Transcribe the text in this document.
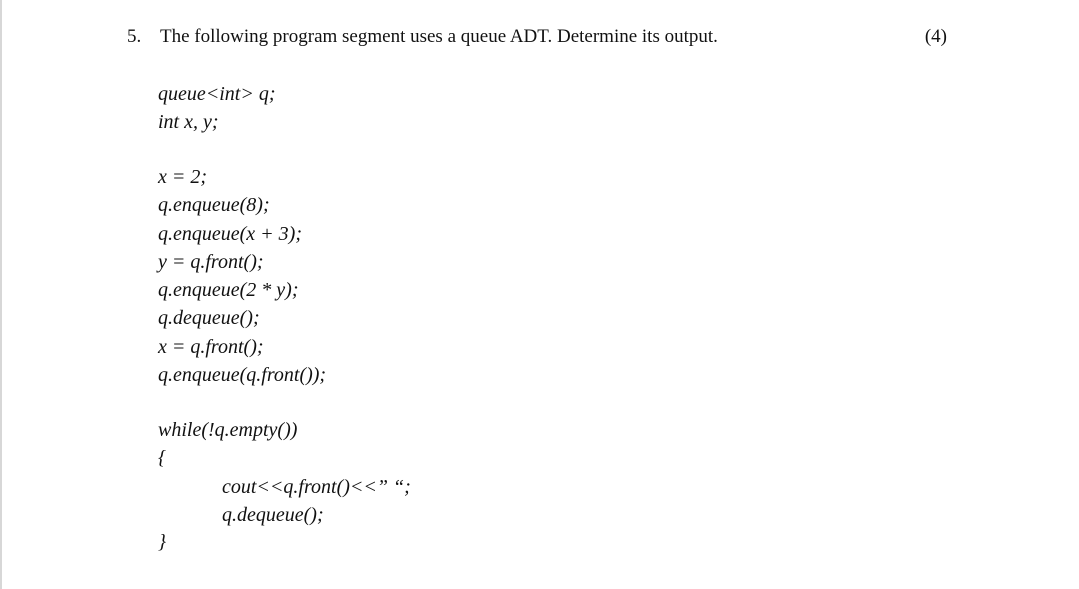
5. The following program segment uses a queue ADT. Determine its output.	(4)
queue<int> q;
int x, y;
x = 2;
q.enqueue(8);
q.enqueue(x + 3);
y = q.front();
q.enqueue(2 * y);
q.dequeue();
x = q.front();
q.enqueue(q.front());
while(!q.empty())
{
cout<<q.front()<<” “;
q.dequeue();
}
